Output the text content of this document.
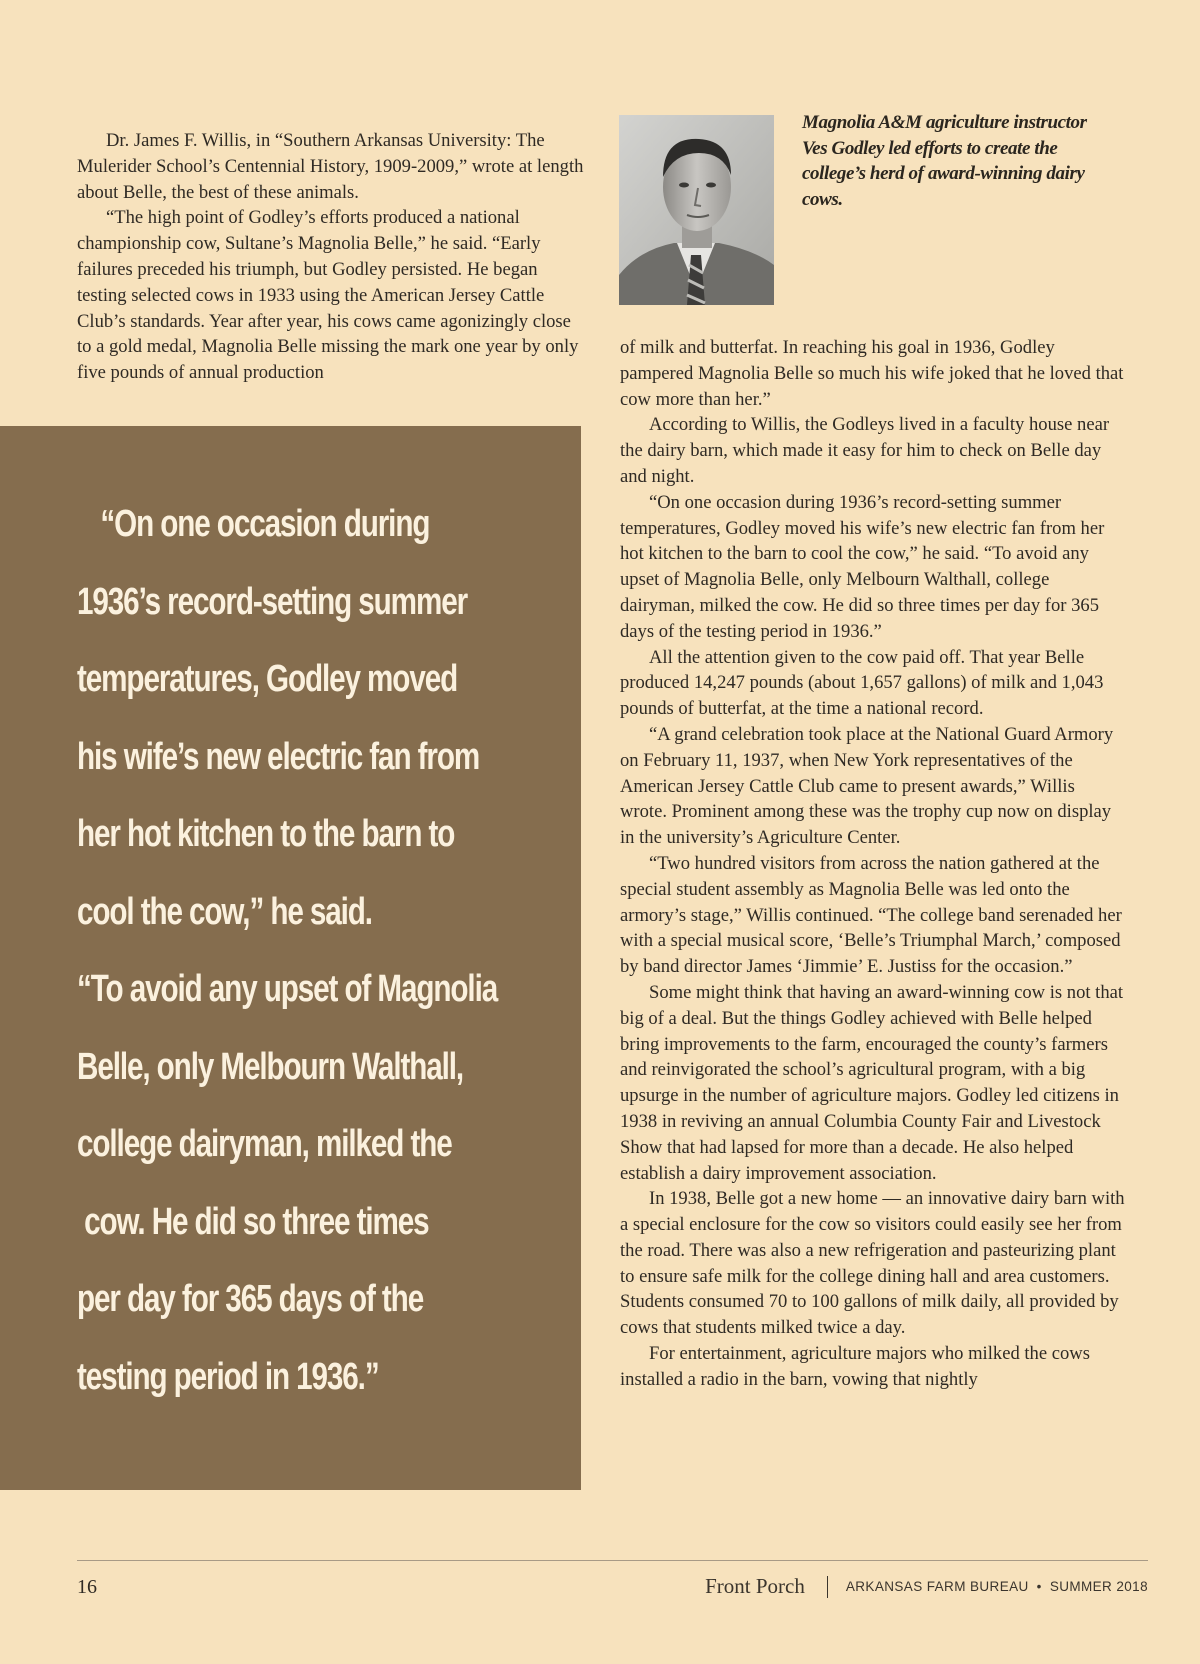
Dr. James F. Willis, in “Southern Arkansas University: The Mulerider School’s Centennial History, 1909-2009,” wrote at length about Belle, the best of these animals.

“The high point of Godley’s efforts produced a national championship cow, Sultane’s Magnolia Belle,” he said. “Early failures preceded his triumph, but Godley persisted. He began testing selected cows in 1933 using the American Jersey Cattle Club’s standards. Year after year, his cows came agonizingly close to a gold medal, Magnolia Belle missing the mark one year by only five pounds of annual production

“On one occasion during
1936’s record-setting summer
temperatures, Godley moved
his wife’s new electric fan from
her hot kitchen to the barn to
cool the cow,” he said.
“To avoid any upset of Magnolia
Belle, only Melbourn Walthall,
college dairyman, milked the
cow. He did so three times
per day for 365 days of the
testing period in 1936.”
Magnolia A&M agriculture instructor Ves Godley led efforts to create the college’s herd of award-winning dairy cows.

of milk and butterfat. In reaching his goal in 1936, Godley pampered Magnolia Belle so much his wife joked that he loved that cow more than her.”

According to Willis, the Godleys lived in a faculty house near the dairy barn, which made it easy for him to check on Belle day and night.

“On one occasion during 1936’s record-setting summer temperatures, Godley moved his wife’s new electric fan from her hot kitchen to the barn to cool the cow,” he said. “To avoid any upset of Magnolia Belle, only Melbourn Walthall, college dairyman, milked the cow. He did so three times per day for 365 days of the testing period in 1936.”

All the attention given to the cow paid off. That year Belle produced 14,247 pounds (about 1,657 gallons) of milk and 1,043 pounds of butterfat, at the time a national record.

“A grand celebration took place at the National Guard Armory on February 11, 1937, when New York representatives of the American Jersey Cattle Club came to present awards,” Willis wrote. Prominent among these was the trophy cup now on display in the university’s Agriculture Center.

“Two hundred visitors from across the nation gathered at the special student assembly as Magnolia Belle was led onto the armory’s stage,” Willis continued. “The college band serenaded her with a special musical score, ‘Belle’s Triumphal March,’ composed by band director James ‘Jimmie’ E. Justiss for the occasion.”

Some might think that having an award-winning cow is not that big of a deal. But the things Godley achieved with Belle helped bring improvements to the farm, encouraged the county’s farmers and reinvigorated the school’s agricultural program, with a big upsurge in the number of agriculture majors. Godley led citizens in 1938 in reviving an annual Columbia County Fair and Livestock Show that had lapsed for more than a decade. He also helped establish a dairy improvement association.

In 1938, Belle got a new home — an innovative dairy barn with a special enclosure for the cow so visitors could easily see her from the road. There was also a new refrigeration and pasteurizing plant to ensure safe milk for the college dining hall and area customers. Students consumed 70 to 100 gallons of milk daily, all provided by cows that students milked twice a day.

For entertainment, agriculture majors who milked the cows installed a radio in the barn, vowing that nightly

16	Front Porch	ARKANSAS FARM BUREAU • SUMMER 2018
